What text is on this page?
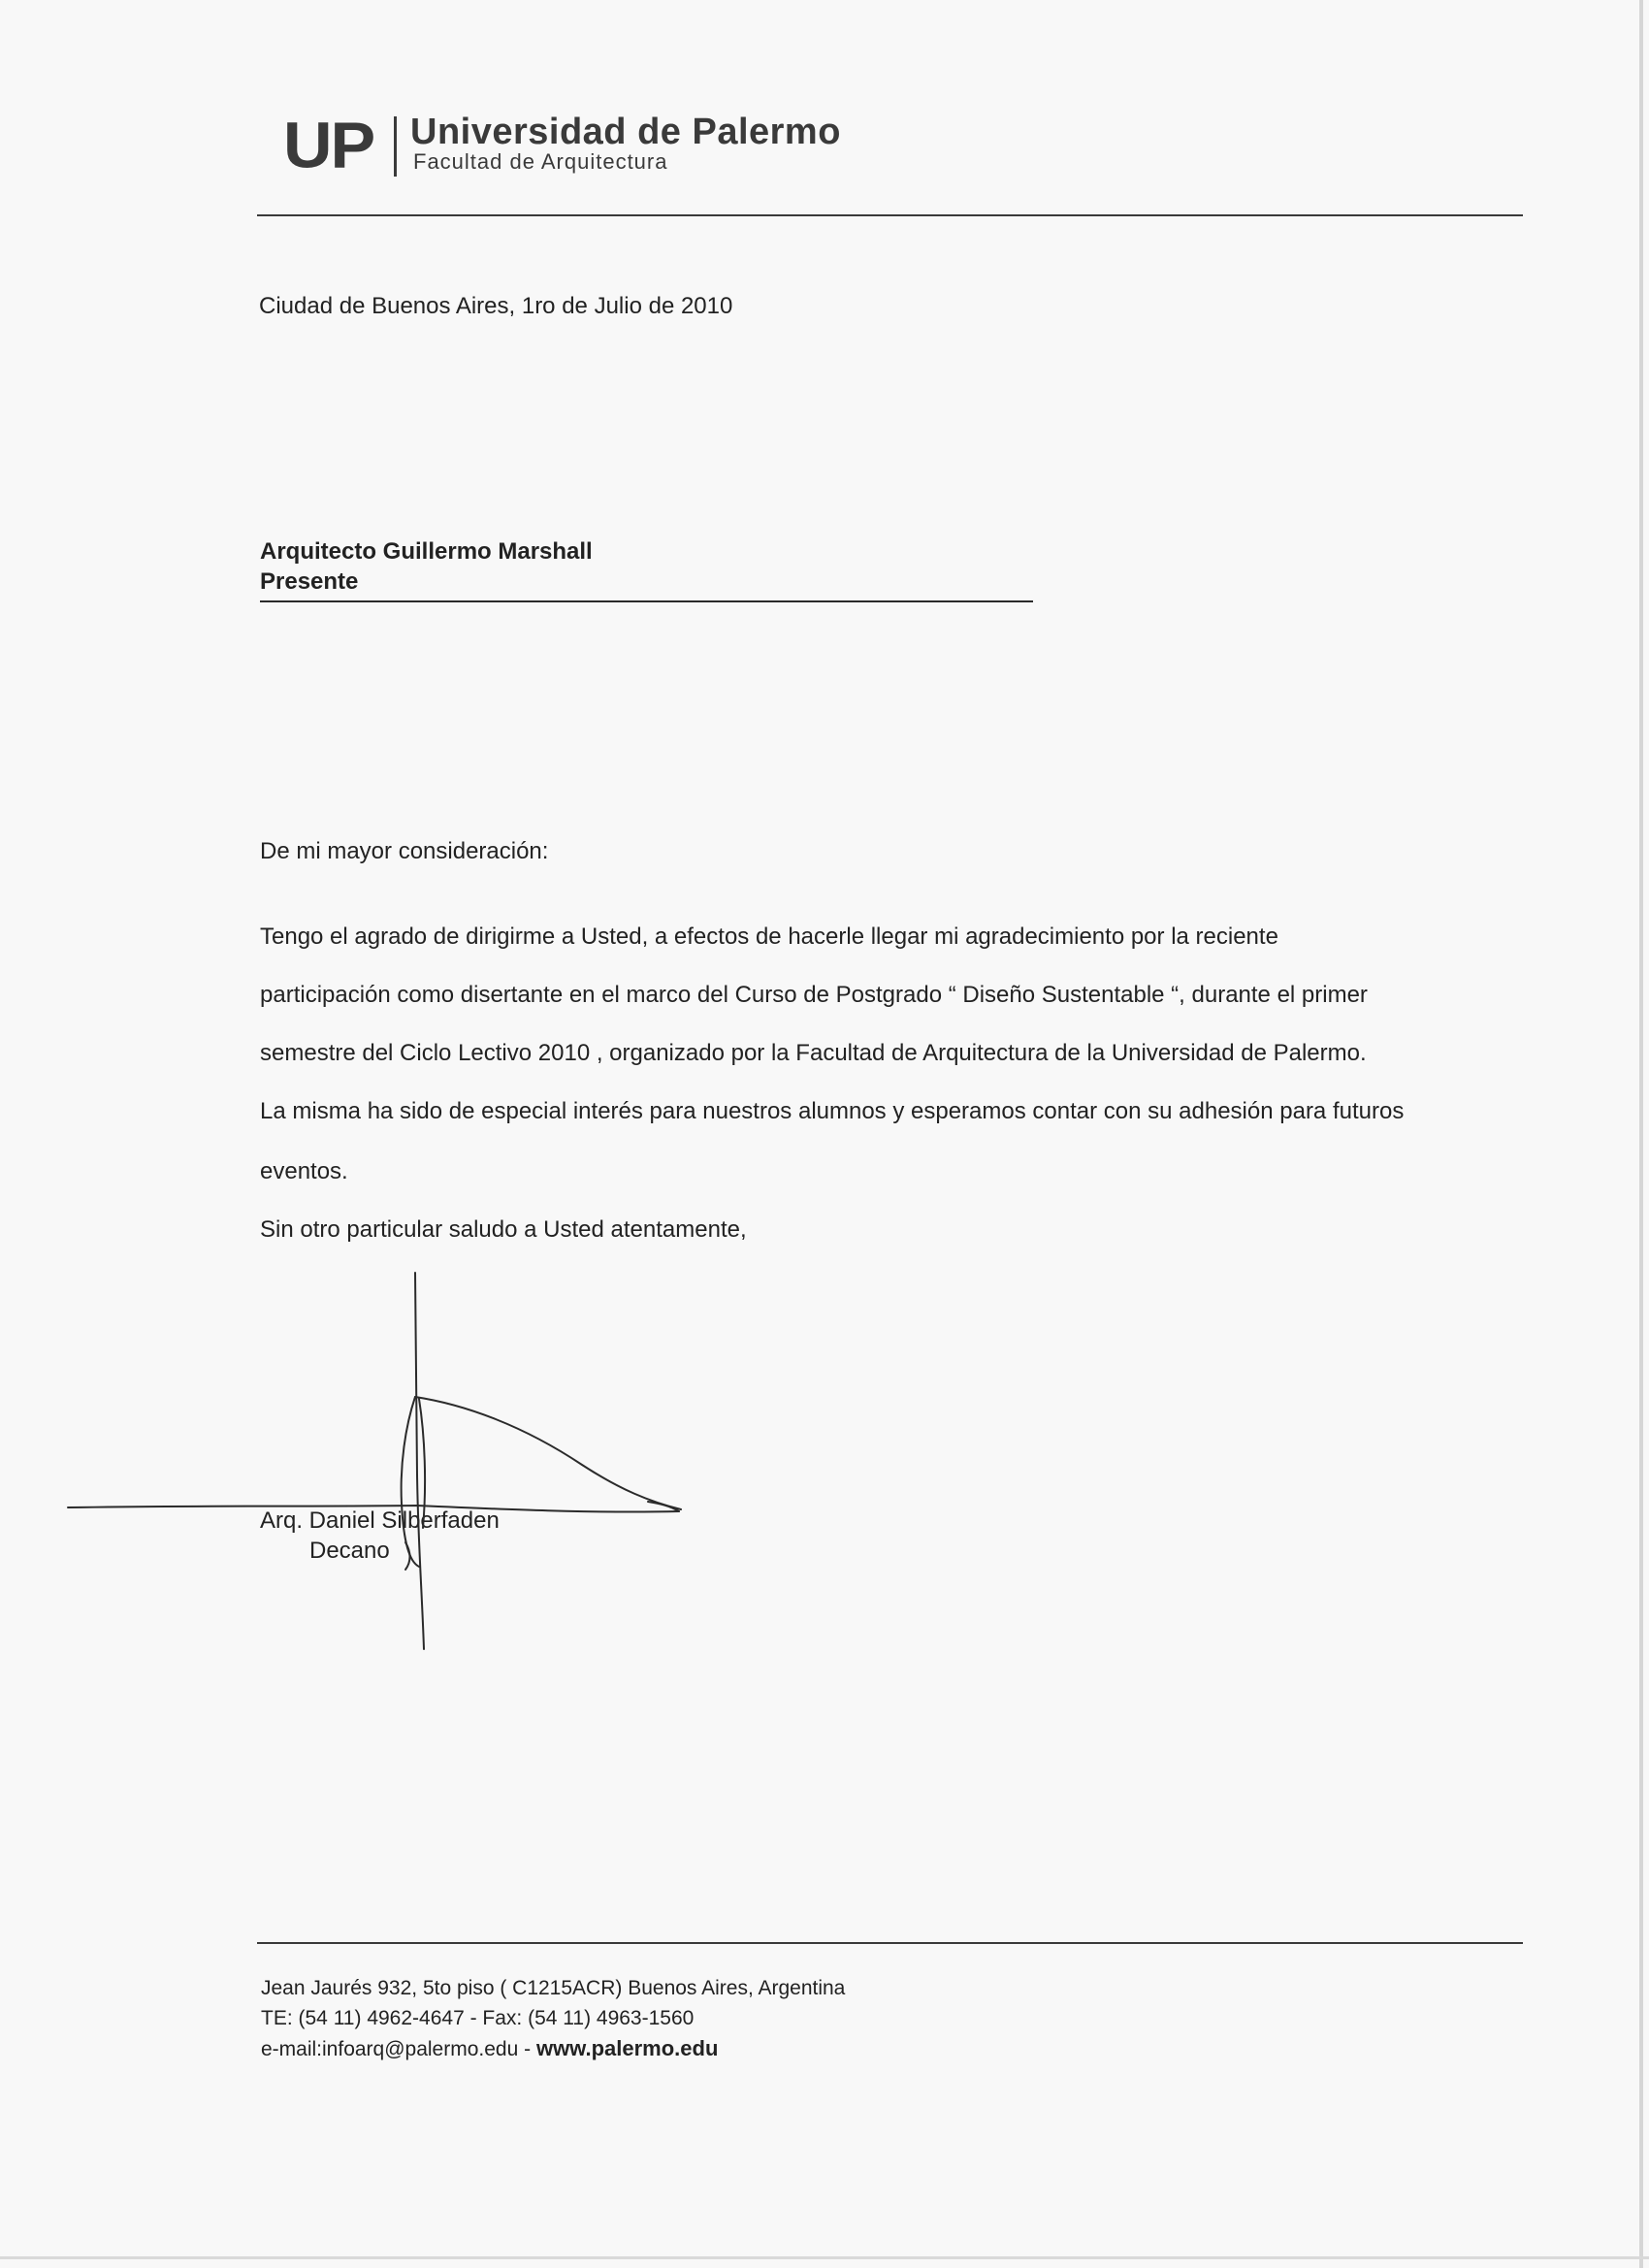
UP Universidad de Palermo
Facultad de Arquitectura
Ciudad de Buenos Aires, 1ro de Julio de 2010
Arquitecto Guillermo Marshall
Presente
De mi mayor consideración:
Tengo el agrado de dirigirme a Usted, a efectos de hacerle llegar mi agradecimiento por la reciente
participación como disertante en el marco del Curso de Postgrado “ Diseño Sustentable “, durante el primer
semestre del Ciclo Lectivo 2010 , organizado por la Facultad de Arquitectura de la Universidad de Palermo.
La misma ha sido de especial interés para nuestros alumnos y esperamos contar con su adhesión para futuros
eventos.
Sin otro particular saludo a Usted atentamente,
Arq. Daniel Silberfaden
Decano
Jean Jaurés 932, 5to piso ( C1215ACR) Buenos Aires, Argentina
TE: (54 11) 4962-4647 - Fax: (54 11) 4963-1560
e-mail:infoarq@palermo.edu - www.palermo.edu
